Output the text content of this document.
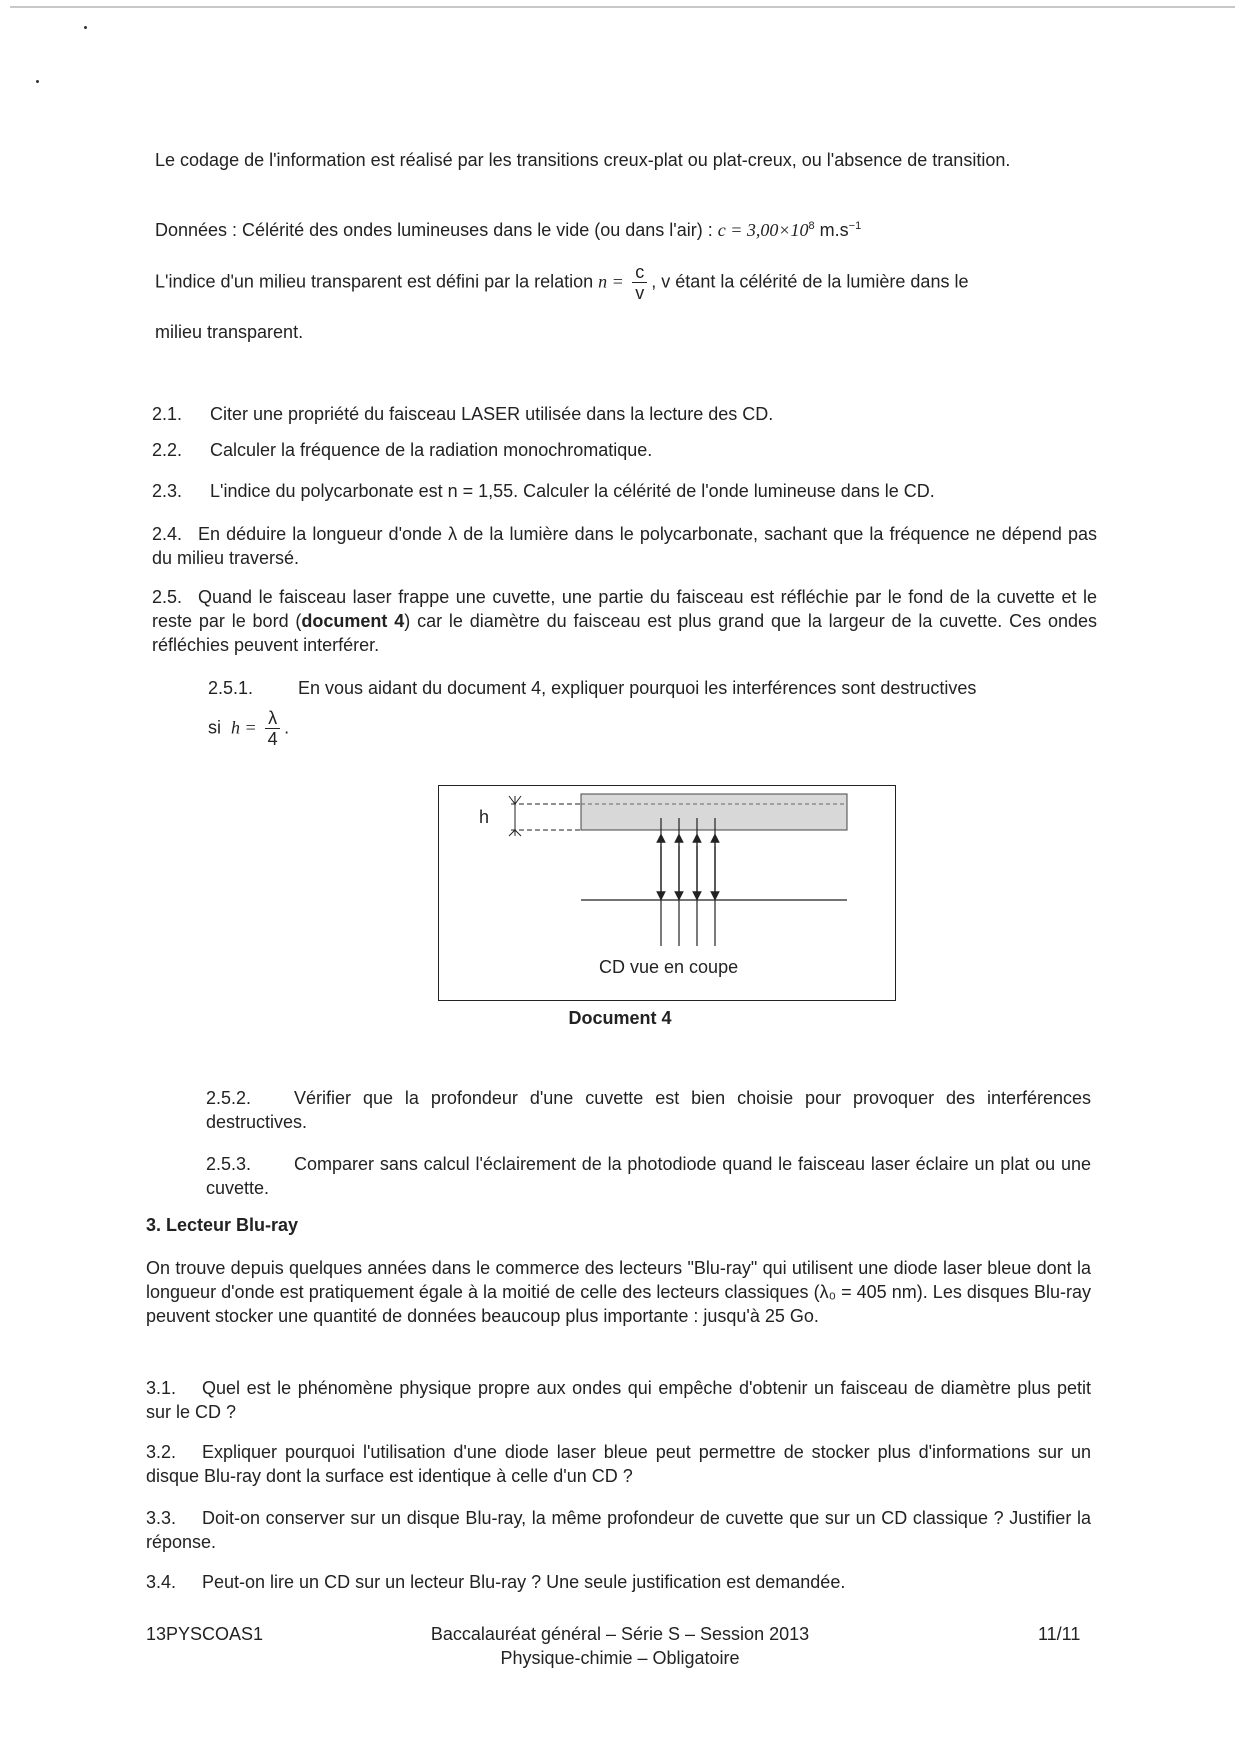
Le codage de l'information est réalisé par les transitions creux-plat ou plat-creux, ou l'absence de transition.
Données : Célérité des ondes lumineuses dans le vide (ou dans l'air) : $c = 3,00\times 10^8$ $m.s^{-1}$
L'indice d'un milieu transparent est défini par la relation $n = \frac{c}{v}$ , v étant la célérité de la lumière dans le
milieu transparent.
2.1. Citer une propriété du faisceau LASER utilisée dans la lecture des CD.
2.2. Calculer la fréquence de la radiation monochromatique.
2.3. L'indice du polycarbonate est n = 1,55. Calculer la célérité de l'onde lumineuse dans le CD.
2.4. En déduire la longueur d'onde λ de la lumière dans le polycarbonate, sachant que la fréquence ne dépend pas du milieu traversé.
2.5. Quand le faisceau laser frappe une cuvette, une partie du faisceau est réfléchie par le fond de la cuvette et le reste par le bord (document 4) car le diamètre du faisceau est plus grand que la largeur de la cuvette. Ces ondes réfléchies peuvent interférer.
2.5.1. En vous aidant du document 4, expliquer pourquoi les interférences sont destructives
si $h = \frac{\lambda}{4}$ .
h
CD vue en coupe
Document 4
2.5.2. Vérifier que la profondeur d'une cuvette est bien choisie pour provoquer des interférences destructives.
2.5.3. Comparer sans calcul l'éclairement de la photodiode quand le faisceau laser éclaire un plat ou une cuvette.
3. Lecteur Blu-ray
On trouve depuis quelques années dans le commerce des lecteurs "Blu-ray" qui utilisent une diode laser bleue dont la longueur d'onde est pratiquement égale à la moitié de celle des lecteurs classiques (λ₀ = 405 nm). Les disques Blu-ray peuvent stocker une quantité de données beaucoup plus importante : jusqu'à 25 Go.
3.1. Quel est le phénomène physique propre aux ondes qui empêche d'obtenir un faisceau de diamètre plus petit sur le CD ?
3.2. Expliquer pourquoi l'utilisation d'une diode laser bleue peut permettre de stocker plus d'informations sur un disque Blu-ray dont la surface est identique à celle d'un CD ?
3.3. Doit-on conserver sur un disque Blu-ray, la même profondeur de cuvette que sur un CD classique ? Justifier la réponse.
3.4. Peut-on lire un CD sur un lecteur Blu-ray ? Une seule justification est demandée.
13PYSCOAS1	Baccalauréat général – Série S – Session 2013
Physique-chimie – Obligatoire
11/11
